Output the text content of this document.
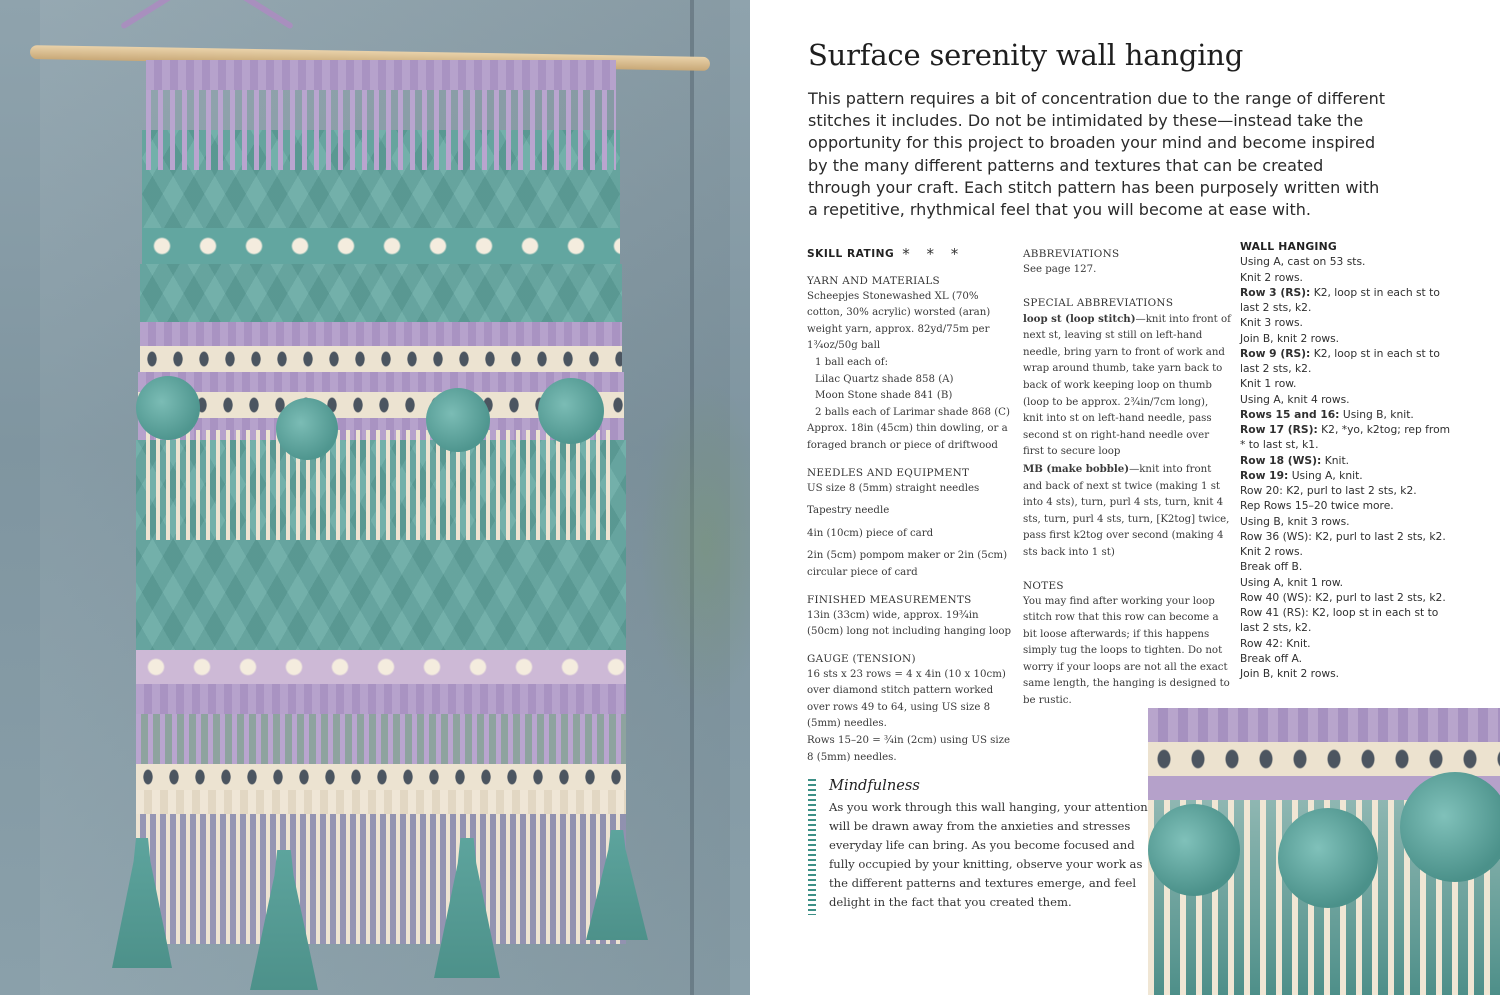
Surface serenity wall hanging

This pattern requires a bit of concentration due to the range of different stitches it includes. Do not be intimidated by these—instead take the opportunity for this project to broaden your mind and become inspired by the many different patterns and textures that can be created through your craft. Each stitch pattern has been purposely written with a repetitive, rhythmical feel that you will become at ease with.

SKILL RATING * * *

YARN AND MATERIALS

Scheepjes Stonewashed XL (70% cotton, 30% acrylic) worsted (aran) weight yarn, approx. 82yd/75m per 1¾oz/50g ball

1 ball each of:

Lilac Quartz shade 858 (A)

Moon Stone shade 841 (B)

2 balls each of Larimar shade 868 (C)

Approx. 18in (45cm) thin dowling, or a foraged branch or piece of driftwood

NEEDLES AND EQUIPMENT

US size 8 (5mm) straight needles

Tapestry needle

4in (10cm) piece of card

2in (5cm) pompom maker or 2in (5cm) circular piece of card

FINISHED MEASUREMENTS

13in (33cm) wide, approx. 19¾in (50cm) long not including hanging loop

GAUGE (TENSION)

16 sts x 23 rows = 4 x 4in (10 x 10cm) over diamond stitch pattern worked over rows 49 to 64, using US size 8 (5mm) needles.

Rows 15–20 = ¾in (2cm) using US size 8 (5mm) needles.

ABBREVIATIONS

See page 127.

SPECIAL ABBREVIATIONS

loop st (loop stitch)—knit into front of next st, leaving st still on left-hand needle, bring yarn to front of work and wrap around thumb, take yarn back to back of work keeping loop on thumb (loop to be approx. 2¾in/7cm long), knit into st on left-hand needle, pass second st on right-hand needle over first to secure loop

MB (make bobble)—knit into front and back of next st twice (making 1 st into 4 sts), turn, purl 4 sts, turn, knit 4 sts, turn, purl 4 sts, turn, [K2tog] twice, pass first k2tog over second (making 4 sts back into 1 st)

NOTES

You may find after working your loop stitch row that this row can become a bit loose afterwards; if this happens simply tug the loops to tighten. Do not worry if your loops are not all the exact same length, the hanging is designed to be rustic.

WALL HANGING
Using A, cast on 53 sts.
Knit 2 rows.
Row 3 (RS): K2, loop st in each st to
last 2 sts, k2.
Knit 3 rows.
Join B, knit 2 rows.
Row 9 (RS): K2, loop st in each st to
last 2 sts, k2.
Knit 1 row.
Using A, knit 4 rows.
Rows 15 and 16: Using B, knit.
Row 17 (RS): K2, *yo, k2tog; rep from
* to last st, k1.
Row 18 (WS): Knit.
Row 19: Using A, knit.
Row 20: K2, purl to last 2 sts, k2.
Rep Rows 15–20 twice more.
Using B, knit 3 rows.
Row 36 (WS): K2, purl to last 2 sts, k2.
Knit 2 rows.
Break off B.
Using A, knit 1 row.
Row 40 (WS): K2, purl to last 2 sts, k2.
Row 41 (RS): K2, loop st in each st to
last 2 sts, k2.
Row 42: Knit.
Break off A.
Join B, knit 2 rows.

Mindfulness

As you work through this wall hanging, your attention will be drawn away from the anxieties and stresses everyday life can bring. As you become focused and fully occupied by your knitting, observe your work as the different patterns and textures emerge, and feel delight in the fact that you created them.
